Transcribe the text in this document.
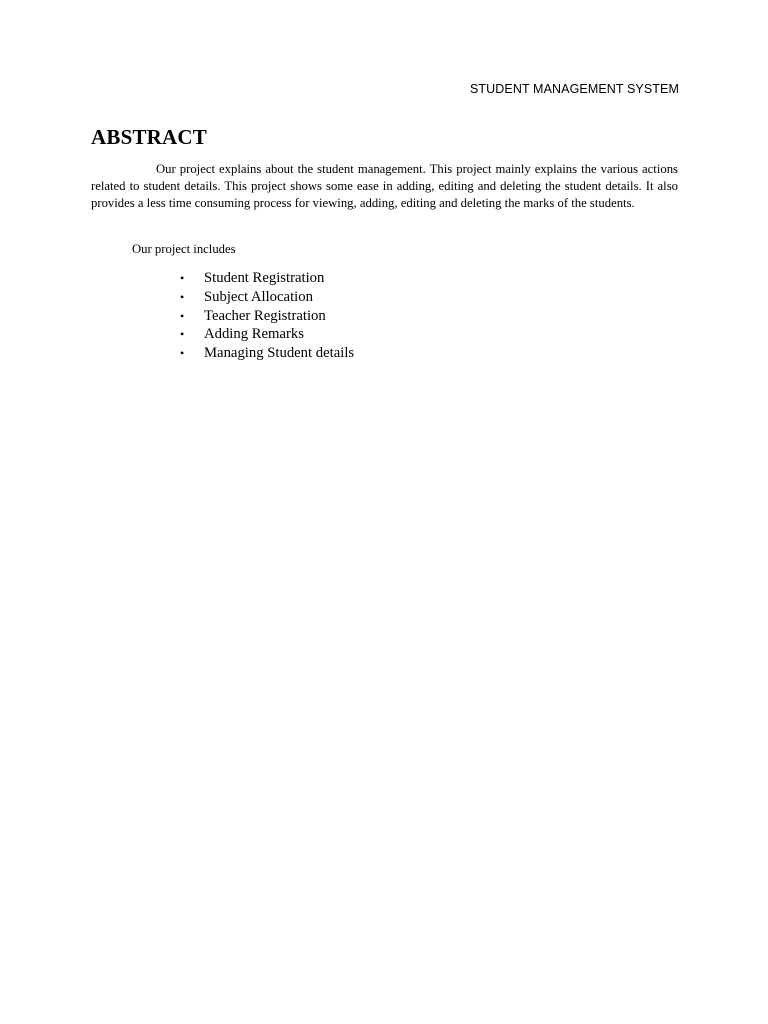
STUDENT MANAGEMENT SYSTEM
ABSTRACT

Our project explains about the student management. This project mainly explains the various actions related to student details. This project shows some ease in adding, editing and deleting the student details. It also provides a less time consuming process for viewing, adding, editing and deleting the marks of the students.

Our project includes

• Student Registration
• Subject Allocation
• Teacher Registration
• Adding Remarks
• Managing Student details
